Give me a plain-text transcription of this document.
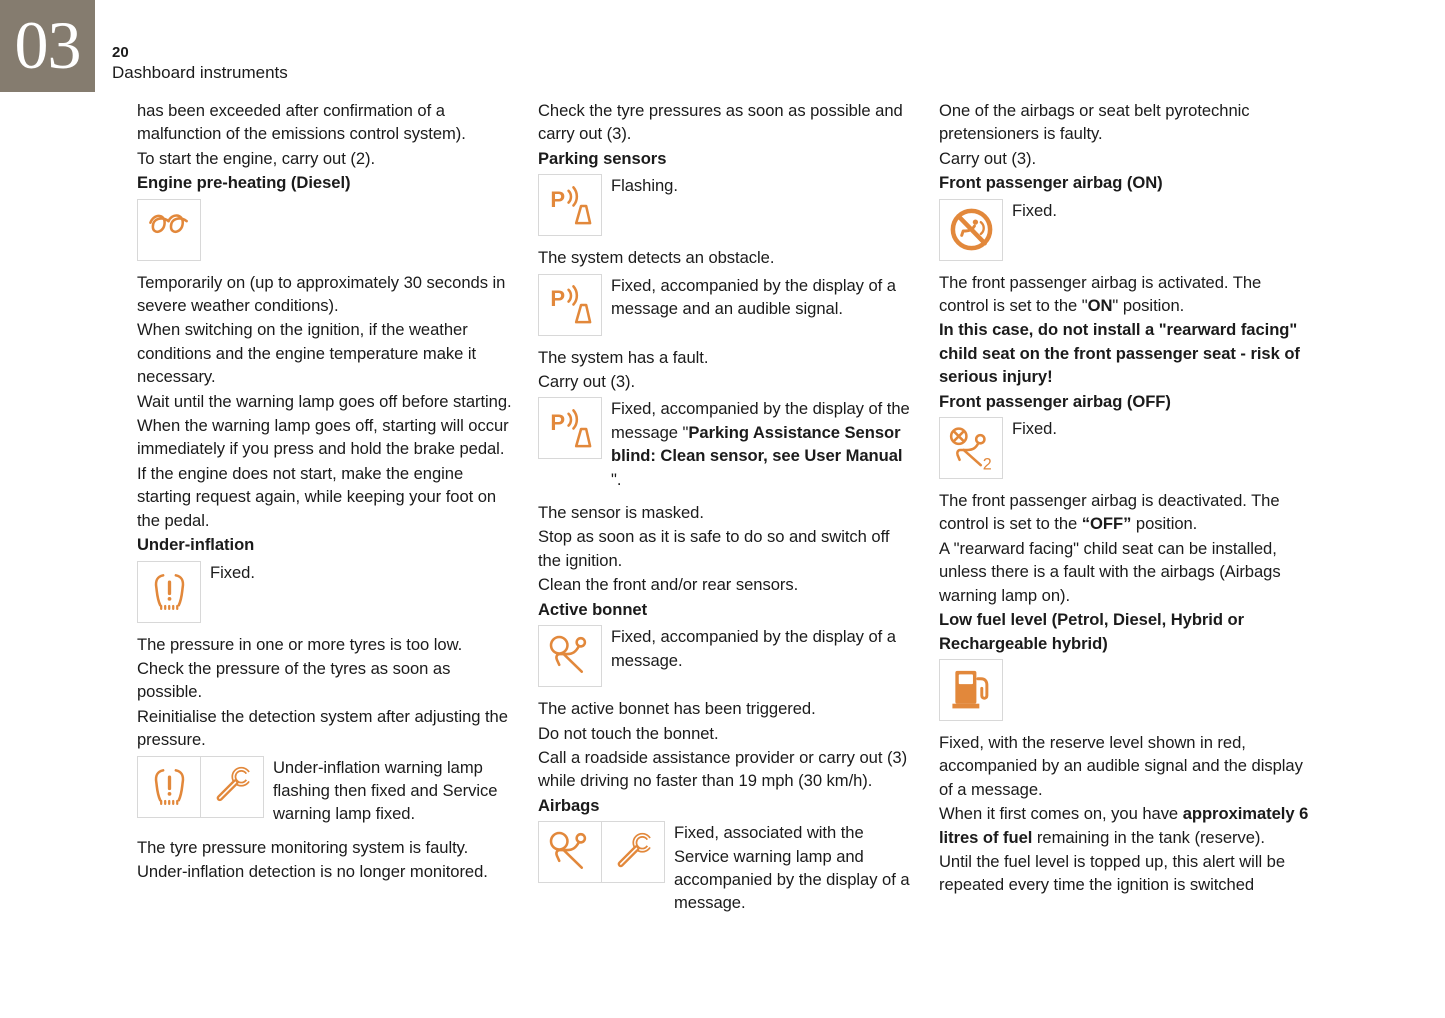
03 20
Dashboard instruments

has been exceeded after confirmation of a malfunction of the emissions control system).

To start the engine, carry out (2).

Engine pre-heating (Diesel)

Temporarily on (up to approximately 30 seconds in severe weather conditions).

When switching on the ignition, if the weather conditions and the engine temperature make it necessary.

Wait until the warning lamp goes off before starting.

When the warning lamp goes off, starting will occur immediately if you press and hold the brake pedal.

If the engine does not start, make the engine starting request again, while keeping your foot on the pedal.

Under-inflation
Fixed.

The pressure in one or more tyres is too low.

Check the pressure of the tyres as soon as possible.

Reinitialise the detection system after adjusting the pressure.

Under-inflation warning lamp flashing then fixed and Service warning lamp fixed.

The tyre pressure monitoring system is faulty.

Under-inflation detection is no longer monitored.

Check the tyre pressures as soon as possible and carry out (3).

Parking sensors
P
Flashing.

The system detects an obstacle.

P
Fixed, accompanied by the display of a message and an audible signal.

The system has a fault.

Carry out (3).

P
Fixed, accompanied by the display of the message "Parking Assistance Sensor blind: Clean sensor, see User Manual ".

The sensor is masked.

Stop as soon as it is safe to do so and switch off the ignition.

Clean the front and/or rear sensors.

Active bonnet
Fixed, accompanied by the display of a message.

The active bonnet has been triggered.

Do not touch the bonnet.

Call a roadside assistance provider or carry out (3) while driving no faster than 19 mph (30 km/h).

Airbags
Fixed, associated with the Service warning lamp and accompanied by the display of a message.

One of the airbags or seat belt pyrotechnic pretensioners is faulty.

Carry out (3).

Front passenger airbag (ON)
Fixed.

The front passenger airbag is activated. The control is set to the "ON" position.

In this case, do not install a "rearward facing" child seat on the front passenger seat - risk of serious injury!

Front passenger airbag (OFF)
2
Fixed.

The front passenger airbag is deactivated. The control is set to the “OFF” position.

A "rearward facing" child seat can be installed, unless there is a fault with the airbags (Airbags warning lamp on).

Low fuel level (Petrol, Diesel, Hybrid or Rechargeable hybrid)

Fixed, with the reserve level shown in red, accompanied by an audible signal and the display of a message.

When it first comes on, you have approximately 6 litres of fuel remaining in the tank (reserve).

Until the fuel level is topped up, this alert will be repeated every time the ignition is switched
